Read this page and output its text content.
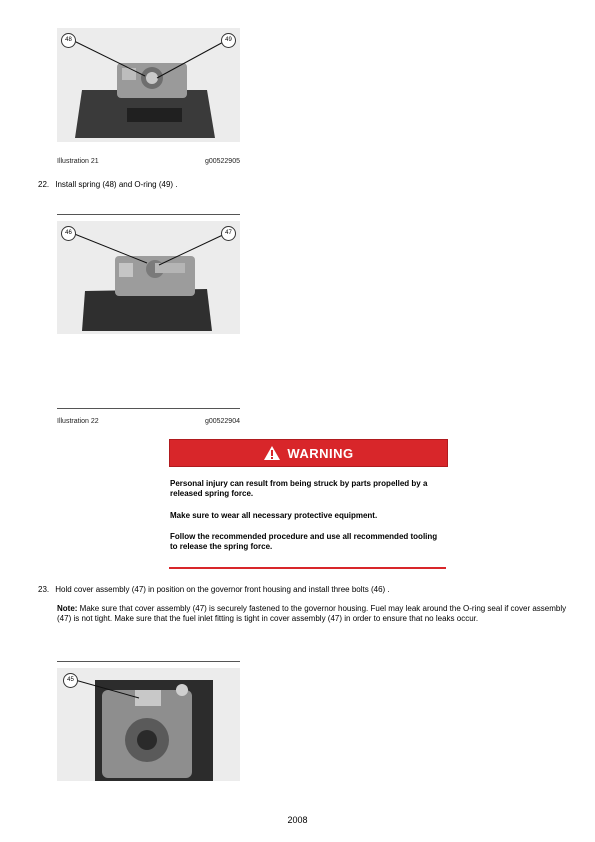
48	49
Illustration 21	g00522905
22. Install spring (48) and O-ring (49) .
46	47
Illustration 22	g00522904
WARNING
Personal injury can result from being struck by parts propelled by a released spring force.
Make sure to wear all necessary protective equipment.
Follow the recommended procedure and use all recommended tooling to release the spring force.
23. Hold cover assembly (47) in position on the governor front housing and install three bolts (46) .
Note: Make sure that cover assembly (47) is securely fastened to the governor housing. Fuel may leak around the O-ring seal if cover assembly (47) is not tight. Make sure that the fuel inlet fitting is tight in cover assembly (47) in order to ensure that no leaks occur.
45
2008
